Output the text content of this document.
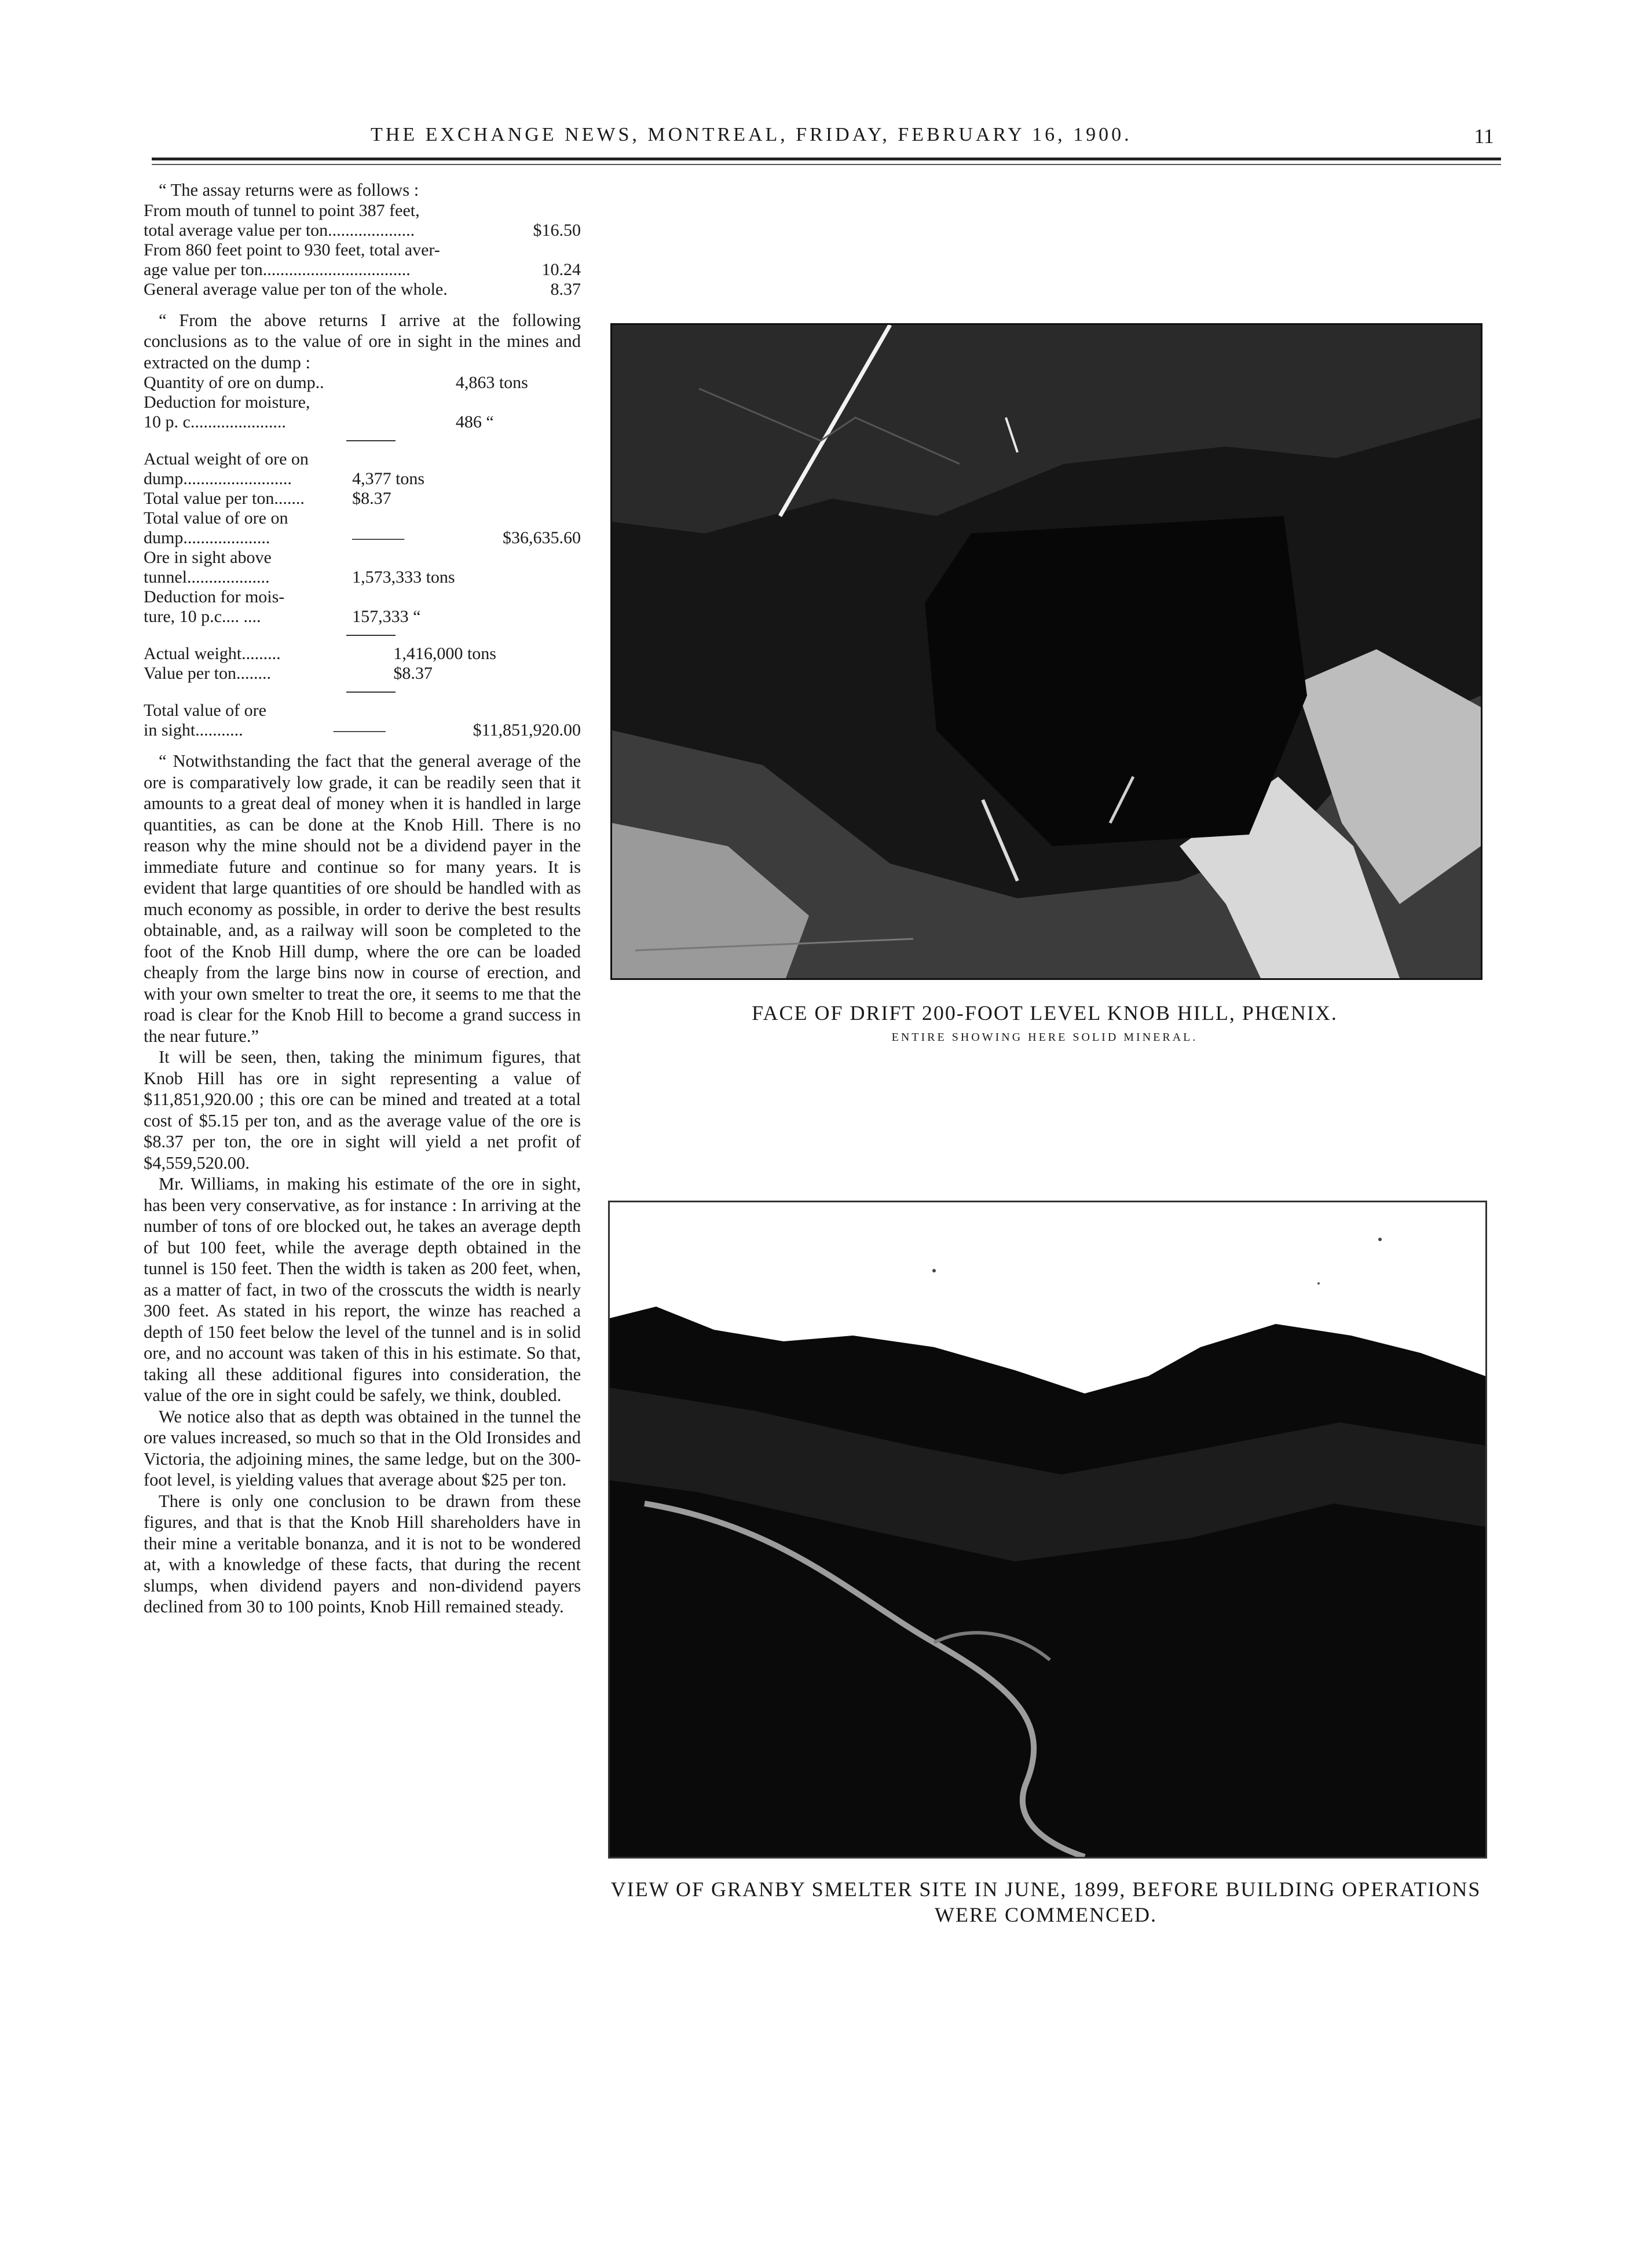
THE EXCHANGE NEWS, MONTREAL, FRIDAY, FEBRUARY 16, 1900.	11

“ The assay returns were as follows :

From mouth of tunnel to point 387 feet,	
total average value per ton....................	$16.50
From 860 feet point to 930 feet, total aver-	
age value per ton..................................	10.24
General average value per ton of the whole.	8.37

“ From the above returns I arrive at the following conclusions as to the value of ore in sight in the mines and extracted on the dump :

Quantity of ore on dump..	4,863 tons	
Deduction for moisture,		
10 p. c......................	486 “	
Actual weight of ore on		
dump.........................	4,377 tons	
Total value per ton.......	$8.37	
Total value of ore on		
dump....................	———	$36,635.60
Ore in sight above		
tunnel...................	1,573,333 tons	
Deduction for mois-		
ture, 10 p.c.... ....	157,333 “	
Actual weight.........	1,416,000 tons	
Value per ton........	$8.37	
Total value of ore		
in sight...........	———	$11,851,920.00

“ Notwithstanding the fact that the general average of the ore is comparatively low grade, it can be readily seen that it amounts to a great deal of money when it is handled in large quantities, as can be done at the Knob Hill. There is no reason why the mine should not be a dividend payer in the immediate future and continue so for many years. It is evident that large quantities of ore should be handled with as much economy as possible, in order to derive the best results obtainable, and, as a railway will soon be completed to the foot of the Knob Hill dump, where the ore can be loaded cheaply from the large bins now in course of erection, and with your own smelter to treat the ore, it seems to me that the road is clear for the Knob Hill to become a grand success in the near future.”

It will be seen, then, taking the minimum figures, that Knob Hill has ore in sight representing a value of $11,851,920.00 ; this ore can be mined and treated at a total cost of $5.15 per ton, and as the average value of the ore is $8.37 per ton, the ore in sight will yield a net profit of $4,559,520.00.

Mr. Williams, in making his estimate of the ore in sight, has been very conservative, as for instance : In arriving at the number of tons of ore blocked out, he takes an average depth of but 100 feet, while the average depth obtained in the tunnel is 150 feet. Then the width is taken as 200 feet, when, as a matter of fact, in two of the crosscuts the width is nearly 300 feet. As stated in his report, the winze has reached a depth of 150 feet below the level of the tunnel and is in solid ore, and no account was taken of this in his estimate. So that, taking all these additional figures into consideration, the value of the ore in sight could be safely, we think, doubled.

We notice also that as depth was obtained in the tunnel the ore values increased, so much so that in the Old Ironsides and Victoria, the adjoining mines, the same ledge, but on the 300-foot level, is yielding values that average about $25 per ton.

There is only one conclusion to be drawn from these figures, and that is that the Knob Hill shareholders have in their mine a veritable bonanza, and it is not to be wondered at, with a knowledge of these facts, that during the recent slumps, when dividend payers and non-dividend payers declined from 30 to 100 points, Knob Hill remained steady.

FACE OF DRIFT 200-FOOT LEVEL KNOB HILL, PHŒNIX.
ENTIRE SHOWING HERE SOLID MINERAL.
VIEW OF GRANBY SMELTER SITE IN JUNE, 1899, BEFORE BUILDING OPERATIONS WERE COMMENCED.
